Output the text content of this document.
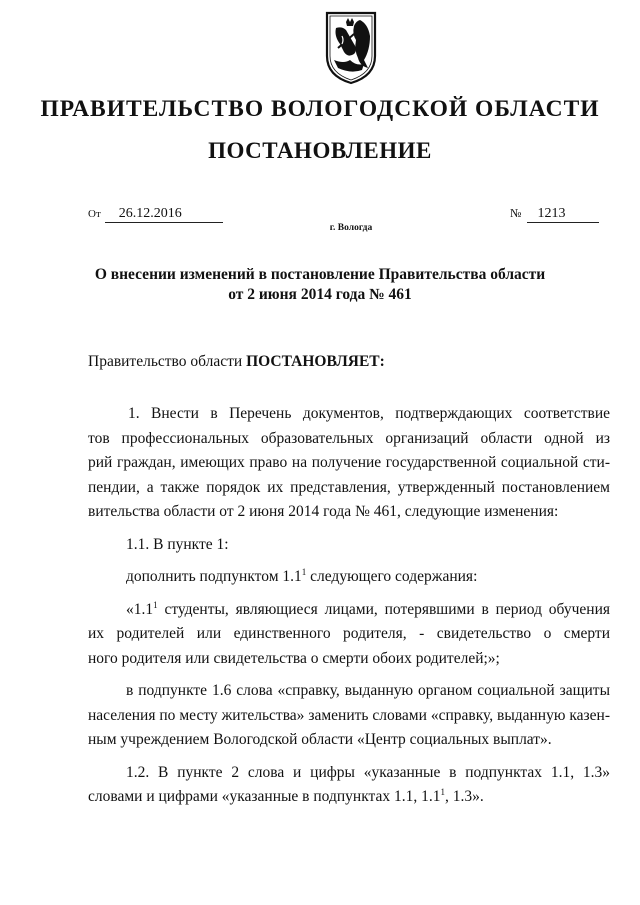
ПРАВИТЕЛЬСТВО ВОЛОГОДСКОЙ ОБЛАСТИ
ПОСТАНОВЛЕНИЕ
От 26.12.2016	№ 1213
г. Вологда
О внесении изменений в постановление Правительства области
от 2 июня 2014 года № 461
Правительство области ПОСТАНОВЛЯЕТ:
1. Внести в Перечень документов, подтверждающих соответствие
тов профессиональных образовательных организаций области одной из
рий граждан, имеющих право на получение государственной социальной сти-
пендии, а также порядок их представления, утвержденный постановлением
вительства области от 2 июня 2014 года № 461, следующие изменения:
1.1. В пункте 1:
дополнить подпунктом $1.1^1$ следующего содержания:
«$1.1^1$ студенты, являющиеся лицами, потерявшими в период обучения
их родителей или единственного родителя, - свидетельство о смерти
ного родителя или свидетельства о смерти обоих родителей;»;
в подпункте 1.6 слова «справку, выданную органом социальной защиты
населения по месту жительства» заменить словами «справку, выданную казен-
ным учреждением Вологодской области «Центр социальных выплат».
1.2. В пункте 2 слова и цифры «указанные в подпунктах 1.1, 1.3»
словами и цифрами «указанные в подпунктах 1.1, $1.1^1$, 1.3».
